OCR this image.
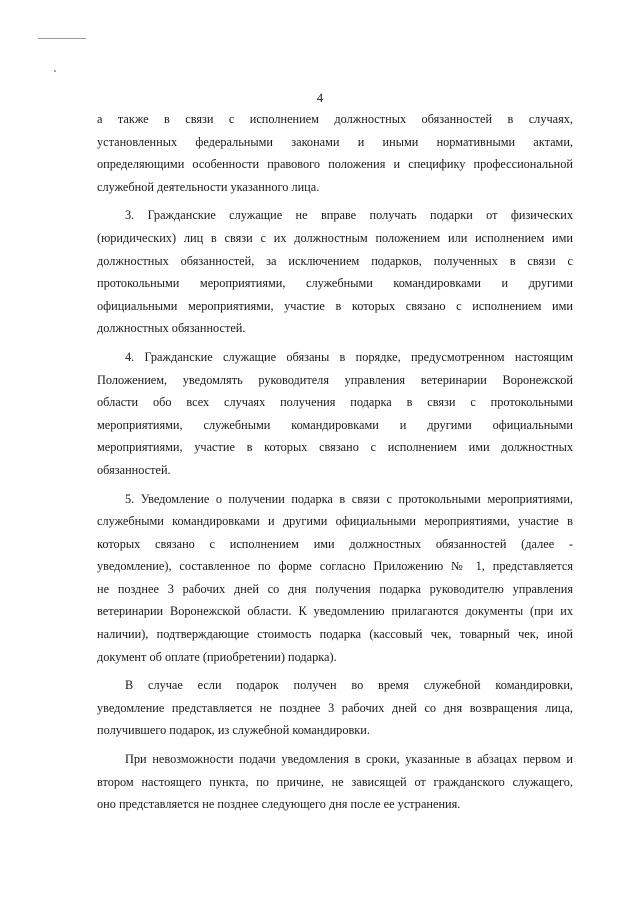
4

а также в связи с исполнением должностных обязанностей в случаях,
установленных федеральными законами и иными нормативными актами,
определяющими особенности правового положения и специфику профессиональной
служебной деятельности указанного лица.

3. Гражданские служащие не вправе получать подарки от физических
(юридических) лиц в связи с их должностным положением или исполнением ими
должностных обязанностей, за исключением подарков, полученных в связи с
протокольными мероприятиями, служебными командировками и другими
официальными мероприятиями, участие в которых связано с исполнением ими
должностных обязанностей.

4. Гражданские служащие обязаны в порядке, предусмотренном настоящим
Положением, уведомлять руководителя управления ветеринарии Воронежской
области обо всех случаях получения подарка в связи с протокольными
мероприятиями, служебными командировками и другими официальными
мероприятиями, участие в которых связано с исполнением ими должностных
обязанностей.

5. Уведомление о получении подарка в связи с протокольными мероприятиями,
служебными командировками и другими официальными мероприятиями, участие в
которых связано с исполнением ими должностных обязанностей (далее -
уведомление), составленное по форме согласно Приложению № 1, представляется
не позднее 3 рабочих дней со дня получения подарка руководителю управления
ветеринарии Воронежской области. К уведомлению прилагаются документы (при их
наличии), подтверждающие стоимость подарка (кассовый чек, товарный чек, иной
документ об оплате (приобретении) подарка).

В случае если подарок получен во время служебной командировки,
уведомление представляется не позднее 3 рабочих дней со дня возвращения лица,
получившего подарок, из служебной командировки.

При невозможности подачи уведомления в сроки, указанные в абзацах первом и
втором настоящего пункта, по причине, не зависящей от гражданского служащего,
оно представляется не позднее следующего дня после ее устранения.
